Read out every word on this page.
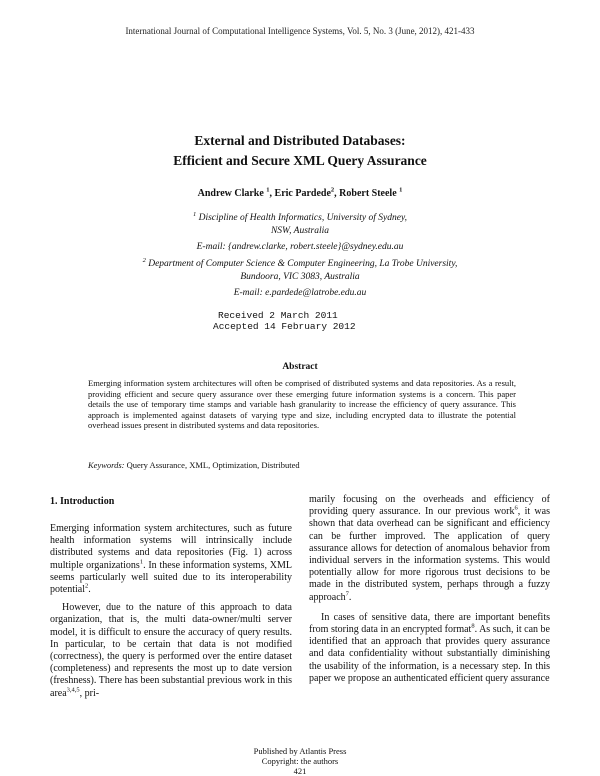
International Journal of Computational Intelligence Systems, Vol. 5, No. 3 (June, 2012), 421-433
External and Distributed Databases:
Efficient and Secure XML Query Assurance
Andrew Clarke $^1$, Eric Pardede$^2$, Robert Steele $^1$
$^1$ Discipline of Health Informatics, University of Sydney,
NSW, Australia
E-mail: {andrew.clarke, robert.steele}@sydney.edu.au
$^2$ Department of Computer Science & Computer Engineering, La Trobe University,
Bundoora, VIC 3083, Australia
E-mail: e.pardede@latrobe.edu.au
Received 2 March 2011
Accepted 14 February 2012
Abstract
Emerging information system architectures will often be comprised of distributed systems and data repositories. As a result, providing efficient and secure query assurance over these emerging future information systems is a concern. This paper details the use of temporary time stamps and variable hash granularity to increase the efficiency of query assurance. This approach is implemented against datasets of varying type and size, including encrypted data to illustrate the potential overhead issues present in distributed systems and data repositories.
Keywords: Query Assurance, XML, Optimization, Distributed
1. Introduction

Emerging information system architectures, such as future health information systems will intrinsically include distributed systems and data repositories (Fig. 1) across multiple organizations$^1$. In these information systems, XML seems particularly well suited due to its interoperability potential$^2$.

However, due to the nature of this approach to data organization, that is, the multi data-owner/multi server model, it is difficult to ensure the accuracy of query results. In particular, to be certain that data is not modified (correctness), the query is performed over the entire dataset (completeness) and represents the most up to date version (freshness). There has been substantial previous work in this area$^{3,4,5}$, pri-

marily focusing on the overheads and efficiency of providing query assurance. In our previous work$^6$, it was shown that data overhead can be significant and efficiency can be further improved. The application of query assurance allows for detection of anomalous behavior from individual servers in the information systems. This would potentially allow for more rigorous trust decisions to be made in the distributed system, perhaps through a fuzzy approach$^7$.

In cases of sensitive data, there are important benefits from storing data in an encrypted format$^8$. As such, it can be identified that an approach that provides query assurance and data confidentiality without substantially diminishing the usability of the information, is a necessary step. In this paper we propose an authenticated efficient query assurance

Published by Atlantis Press
Copyright: the authors
421
